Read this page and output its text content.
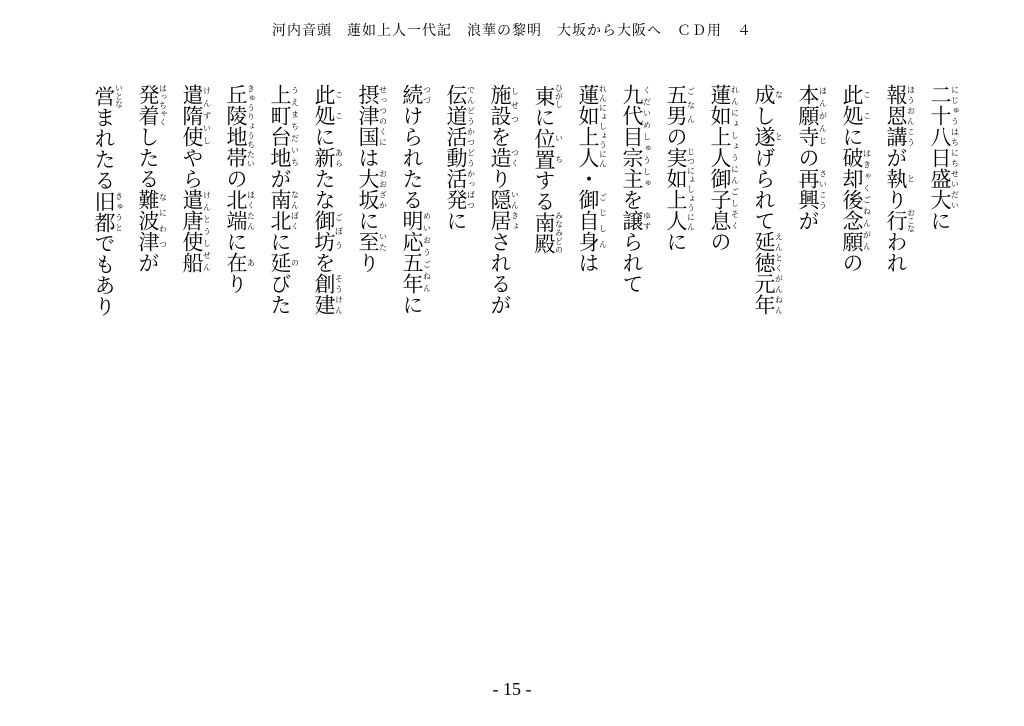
河内音頭　蓮如上人一代記　浪華の黎明　大坂から大阪へ　ＣＤ用　４
二十八日盛大にじゅうはちにちせいだいに
報恩講ほうおんこうが執とり行おこなわれ
此処ここに破却後念願はきゃくごねんがんの
本願寺ほんがんじの再興さいこうが
成なし遂とげられて延徳元年えんとくがんねん
蓮如上人御子息れんにょしょうにんごしそくの
五男ごなんの実如上人じつにょしょうにんに
九代目宗主くだいめしゅうしゅを譲ゆずられて
蓮如上人れんにょしょうにん・御自身ごじしんは
東ひがしに位置いちする南殿みなみどの
施設しせつを造つくり隠居いんきょされるが
伝道活動活発でんどうかつどうかっぱつに
続つづけられたる明応五年めいおうごねんに
摂津国せっつのくには大坂おおざかに至いたり
此処ここに新あらたな御坊ごぼうを創建そうけん
上町台地うえまちだいちが南北なんぼくに延のびた
丘陵地帯きゅうりょうちたいの北端ほくたんに在あり
遣隋使けんずいしやら遣唐使船けんとうしせん
発着はっちゃくしたる難波津なにわつが
営いとなまれたる旧都きゅうとでもあり
- 15 -
